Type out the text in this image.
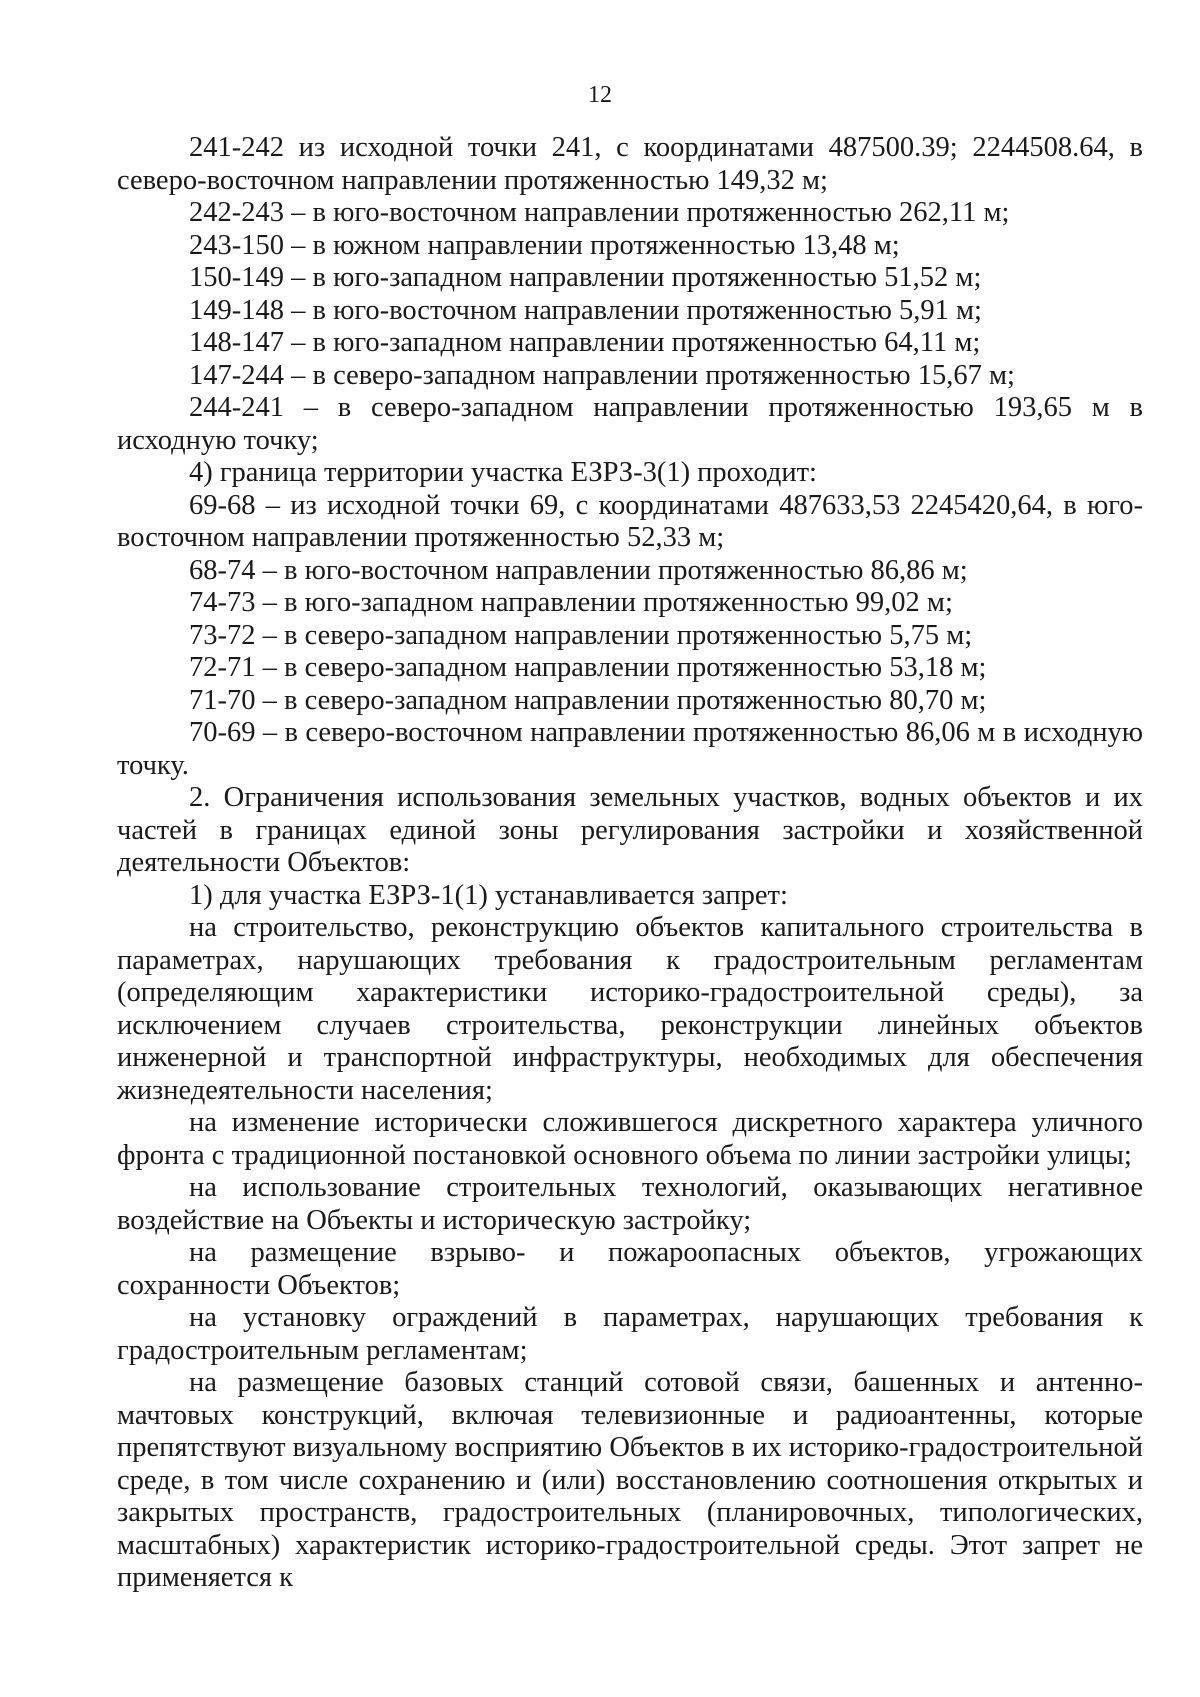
12

241-242 из исходной точки 241, с координатами 487500.39; 2244508.64, в северо-восточном направлении протяженностью 149,32 м;

242-243 – в юго-восточном направлении протяженностью 262,11 м;

243-150 – в южном направлении протяженностью 13,48 м;

150-149 – в юго-западном направлении протяженностью 51,52 м;

149-148 – в юго-восточном направлении протяженностью 5,91 м;

148-147 – в юго-западном направлении протяженностью 64,11 м;

147-244 – в северо-западном направлении протяженностью 15,67 м;

244-241 – в северо-западном направлении протяженностью 193,65 м в исходную точку;

4) граница территории участка ЕЗРЗ-3(1) проходит:

69-68 – из исходной точки 69, с координатами 487633,53 2245420,64, в юго-восточном направлении протяженностью 52,33 м;

68-74 – в юго-восточном направлении протяженностью 86,86 м;

74-73 – в юго-западном направлении протяженностью 99,02 м;

73-72 – в северо-западном направлении протяженностью 5,75 м;

72-71 – в северо-западном направлении протяженностью 53,18 м;

71-70 – в северо-западном направлении протяженностью 80,70 м;

70-69 – в северо-восточном направлении протяженностью 86,06 м в исходную точку.

2. Ограничения использования земельных участков, водных объектов и их частей в границах единой зоны регулирования застройки и хозяйственной деятельности Объектов:

1) для участка ЕЗРЗ-1(1) устанавливается запрет:

на строительство, реконструкцию объектов капитального строительства в параметрах, нарушающих требования к градостроительным регламентам (определяющим характеристики историко-градостроительной среды), за исключением случаев строительства, реконструкции линейных объектов инженерной и транспортной инфраструктуры, необходимых для обеспечения жизнедеятельности населения;

на изменение исторически сложившегося дискретного характера уличного фронта с традиционной постановкой основного объема по линии застройки улицы;

на использование строительных технологий, оказывающих негативное воздействие на Объекты и историческую застройку;

на размещение взрыво- и пожароопасных объектов, угрожающих сохранности Объектов;

на установку ограждений в параметрах, нарушающих требования к градостроительным регламентам;

на размещение базовых станций сотовой связи, башенных и антенно-мачтовых конструкций, включая телевизионные и радиоантенны, которые препятствуют визуальному восприятию Объектов в их историко-градостроительной среде, в том числе сохранению и (или) восстановлению соотношения открытых и закрытых пространств, градостроительных (планировочных, типологических, масштабных) характеристик историко-градостроительной среды. Этот запрет не применяется к
